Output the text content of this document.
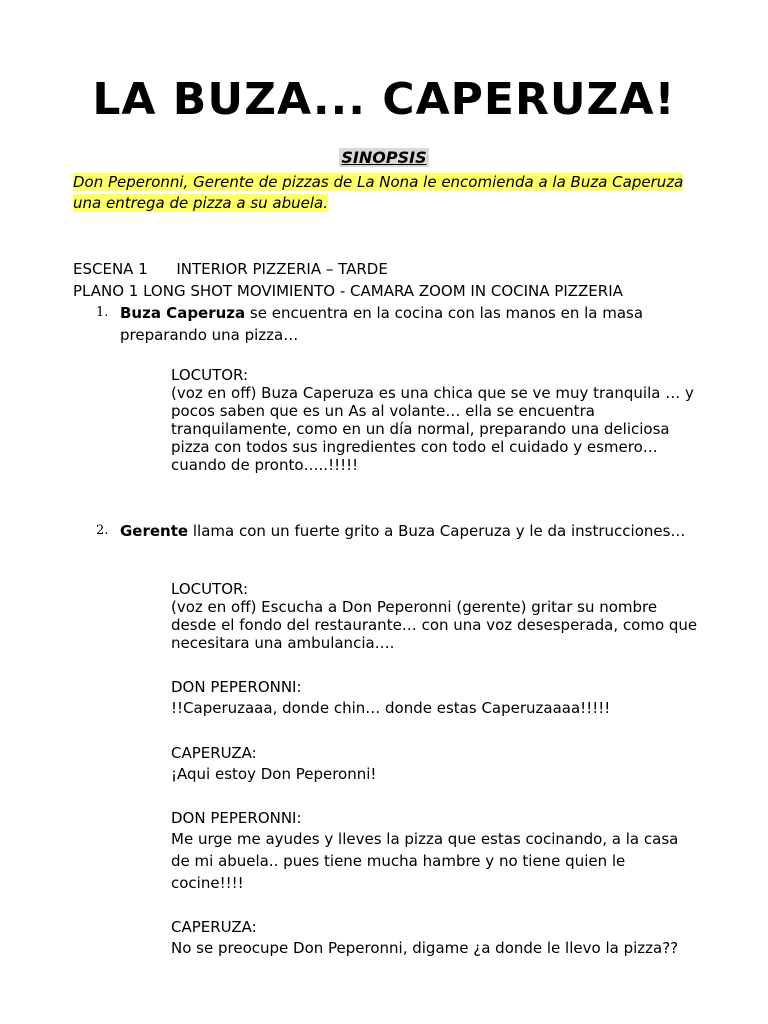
LA BUZA... CAPERUZA!
SINOPSIS
Don Peperonni, Gerente de pizzas de La Nona le encomienda a la Buza Caperuza una entrega de pizza a su abuela.
ESCENA 1      INTERIOR PIZZERIA – TARDE
PLANO 1 LONG SHOT MOVIMIENTO - CAMARA ZOOM IN COCINA PIZZERIA
1. Buza Caperuza se encuentra en la cocina con las manos en la masa preparando una pizza…
LOCUTOR:
(voz en off) Buza Caperuza es una chica que se ve muy tranquila … y pocos saben que es un As al volante… ella se encuentra tranquilamente, como en un día normal, preparando una deliciosa pizza con todos sus ingredientes con todo el cuidado y esmero… cuando de pronto…..!!!!!
2. Gerente llama con un fuerte grito a Buza Caperuza y le da instrucciones…
LOCUTOR:
(voz en off) Escucha a Don Peperonni (gerente) gritar su nombre desde el fondo del restaurante… con una voz desesperada, como que necesitara una ambulancia….
DON PEPERONNI:
!!Caperuzaaa, donde chin… donde estas Caperuzaaaa!!!!!
CAPERUZA:
¡Aqui estoy Don Peperonni!
DON PEPERONNI:
Me urge me ayudes y lleves la pizza que estas cocinando, a la casa de mi abuela.. pues tiene mucha hambre y no tiene quien le cocine!!!!
CAPERUZA:
No se preocupe Don Peperonni, digame ¿a donde le llevo la pizza??
